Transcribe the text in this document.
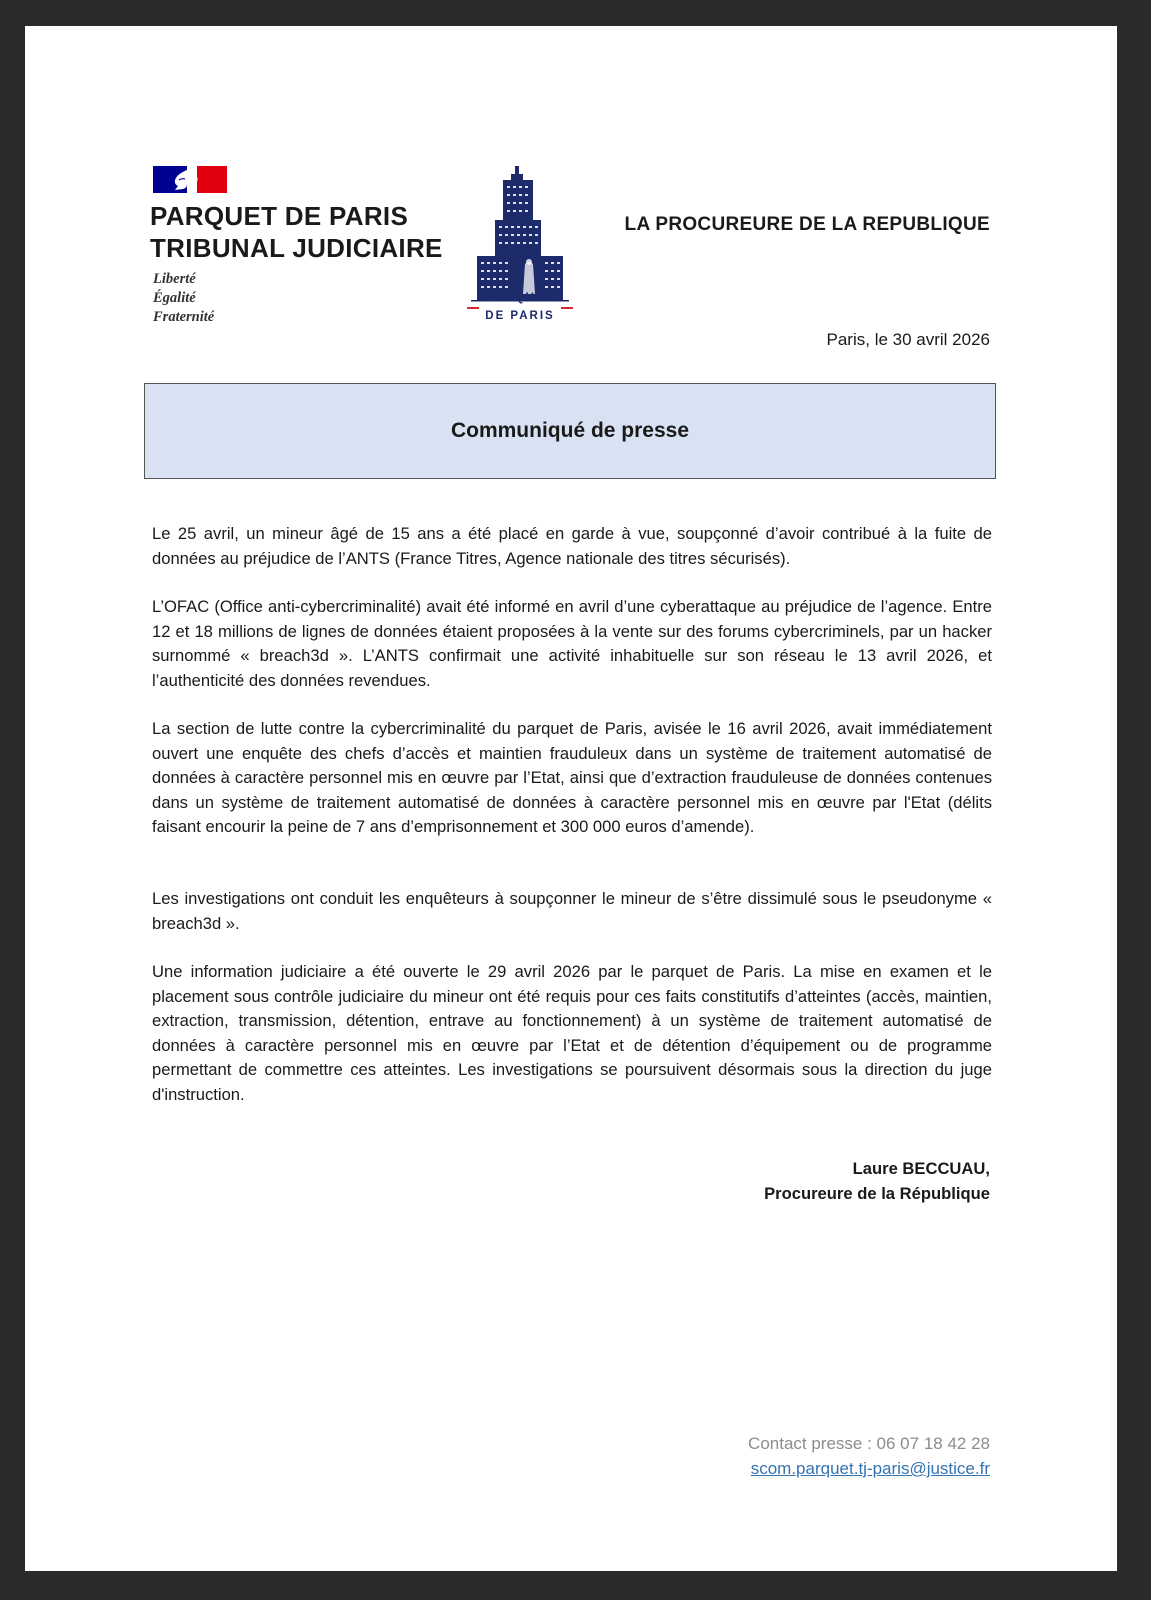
PARQUET DE PARIS
TRIBUNAL JUDICIAIRE
Liberté
Égalité
Fraternité
PARQUET
DE PARIS
LA PROCUREURE DE LA REPUBLIQUE
Paris, le 30 avril 2026
Communiqué de presse
Le 25 avril, un mineur âgé de 15 ans a été placé en garde à vue, soupçonné d’avoir contribué à la fuite de données au préjudice de l’ANTS (France Titres, Agence nationale des titres sécurisés).
L’OFAC (Office anti-cybercriminalité) avait été informé en avril d’une cyberattaque au préjudice de l’agence. Entre 12 et 18 millions de lignes de données étaient proposées à la vente sur des forums cybercriminels, par un hacker surnommé « breach3d ». L’ANTS confirmait une activité inhabituelle sur son réseau le 13 avril 2026, et l’authenticité des données revendues.
La section de lutte contre la cybercriminalité du parquet de Paris, avisée le 16 avril 2026, avait immédiatement ouvert une enquête des chefs d’accès et maintien frauduleux dans un système de traitement automatisé de données à caractère personnel mis en œuvre par l’Etat, ainsi que d’extraction frauduleuse de données contenues dans un système de traitement automatisé de données à caractère personnel mis en œuvre par l'Etat (délits faisant encourir la peine de 7 ans d’emprisonnement et 300 000 euros d’amende).
Les investigations ont conduit les enquêteurs à soupçonner le mineur de s’être dissimulé sous le pseudonyme « breach3d ».
Une information judiciaire a été ouverte le 29 avril 2026 par le parquet de Paris. La mise en examen et le placement sous contrôle judiciaire du mineur ont été requis pour ces faits constitutifs d’atteintes (accès, maintien, extraction, transmission, détention, entrave au fonctionnement) à un système de traitement automatisé de données à caractère personnel mis en œuvre par l’Etat et de détention d’équipement ou de programme permettant de commettre ces atteintes. Les investigations se poursuivent désormais sous la direction du juge d'instruction.
Laure BECCUAU,
Procureure de la République
Contact presse : 06 07 18 42 28
scom.parquet.tj-paris@justice.fr
